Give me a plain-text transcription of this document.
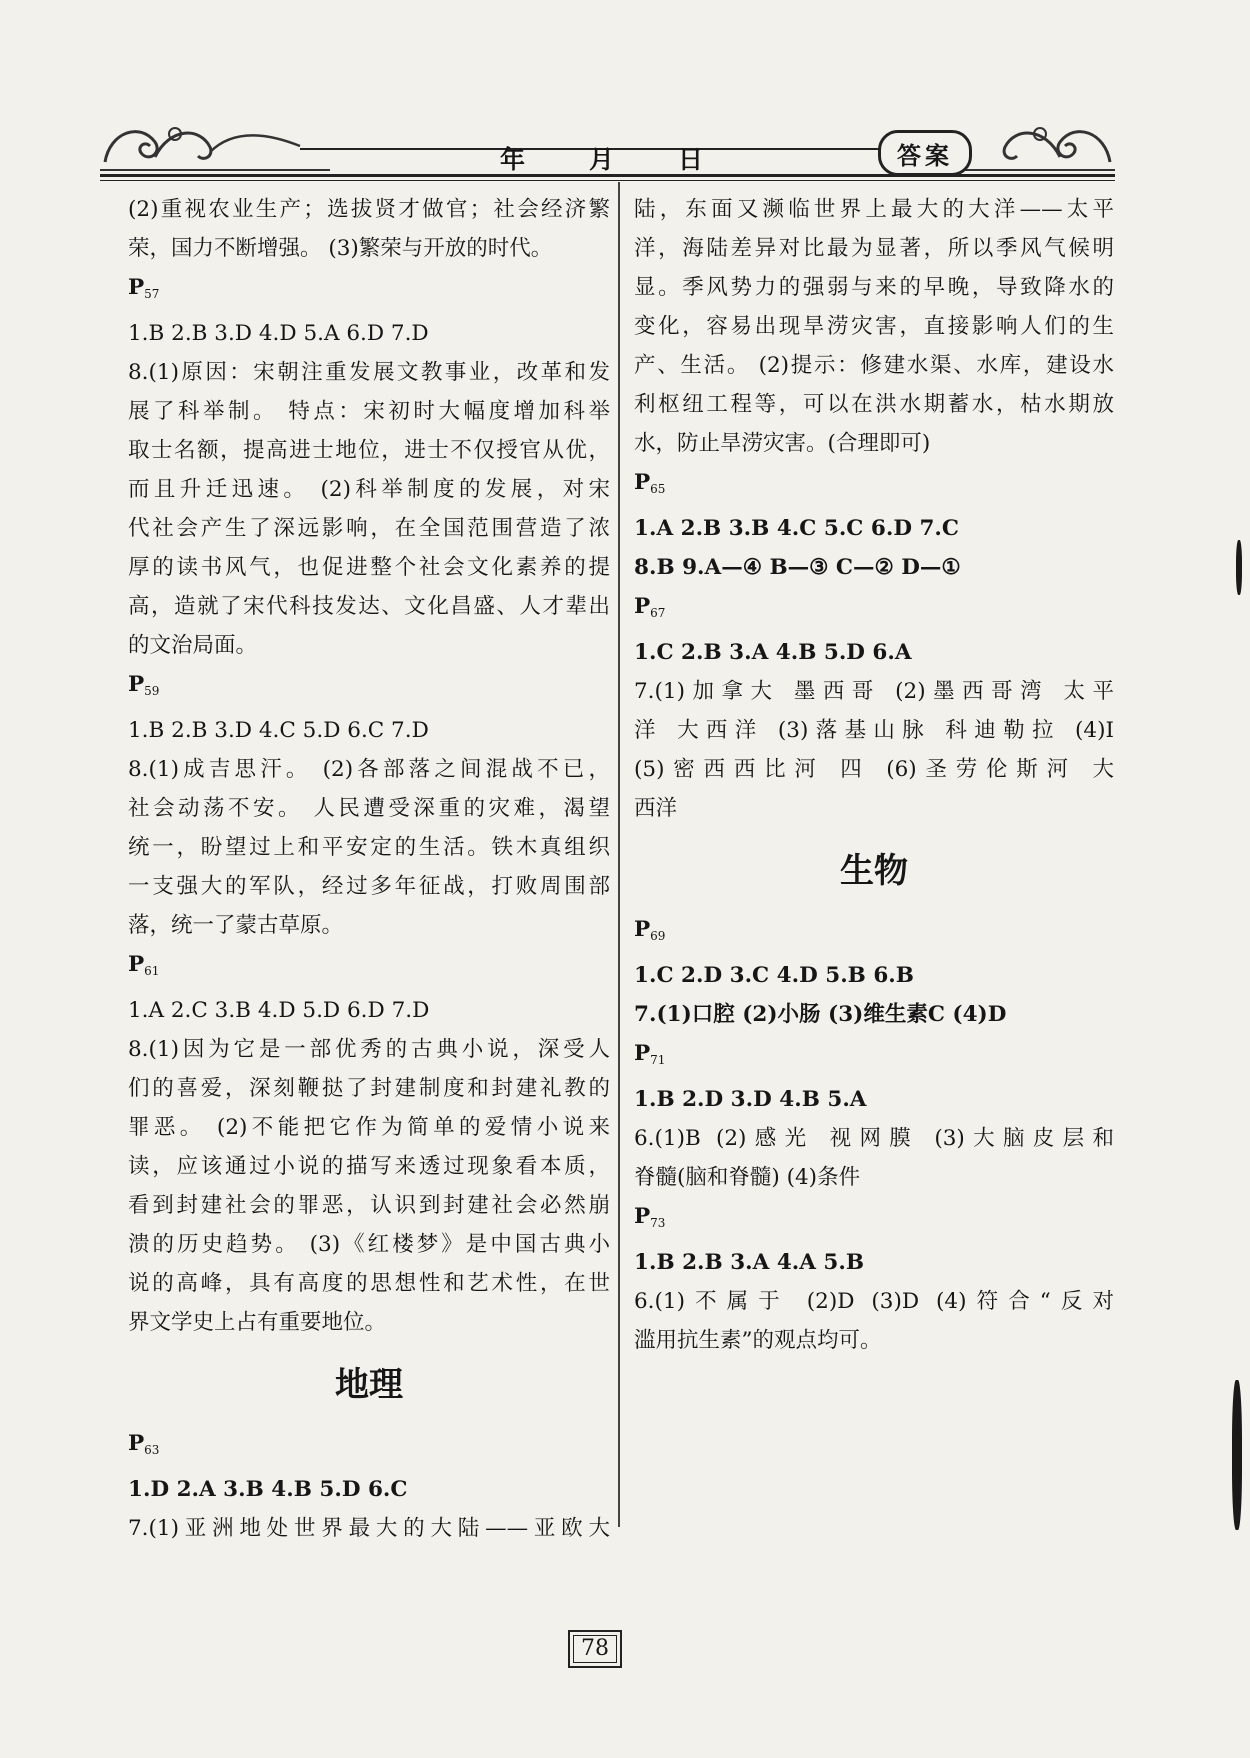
年 月 日	答案
(2)重视农业生产；选拔贤才做官；社会经济繁
荣，国力不断增强。 (3)繁荣与开放的时代。
$P_{57}$
1.B 2.B 3.D 4.D 5.A 6.D 7.D
8.(1)原因：宋朝注重发展文教事业，改革和发
展了科举制。 特点：宋初时大幅度增加科举
取士名额，提高进士地位，进士不仅授官从优，
而且升迁迅速。 (2)科举制度的发展，对宋
代社会产生了深远影响，在全国范围营造了浓
厚的读书风气，也促进整个社会文化素养的提
高，造就了宋代科技发达、文化昌盛、人才辈出
的文治局面。
$P_{59}$
1.B 2.B 3.D 4.C 5.D 6.C 7.D
8.(1)成吉思汗。 (2)各部落之间混战不已，
社会动荡不安。 人民遭受深重的灾难，渴望
统一，盼望过上和平安定的生活。铁木真组织
一支强大的军队，经过多年征战，打败周围部
落，统一了蒙古草原。
$P_{61}$
1.A 2.C 3.B 4.D 5.D 6.D 7.D
8.(1)因为它是一部优秀的古典小说，深受人
们的喜爱，深刻鞭挞了封建制度和封建礼教的
罪恶。 (2)不能把它作为简单的爱情小说来
读，应该通过小说的描写来透过现象看本质，
看到封建社会的罪恶，认识到封建社会必然崩
溃的历史趋势。 (3)《红楼梦》是中国古典小
说的高峰，具有高度的思想性和艺术性，在世
界文学史上占有重要地位。
地理
$P_{63}$
1.D 2.A 3.B 4.B 5.D 6.C
7.(1)亚洲地处世界最大的大陆——亚欧大
陆，东面又濒临世界上最大的大洋——太平
洋，海陆差异对比最为显著，所以季风气候明
显。季风势力的强弱与来的早晚，导致降水的
变化，容易出现旱涝灾害，直接影响人们的生
产、生活。 (2)提示：修建水渠、水库，建设水
利枢纽工程等，可以在洪水期蓄水，枯水期放
水，防止旱涝灾害。(合理即可)
$P_{65}$
1.A 2.B 3.B 4.C 5.C 6.D 7.C
8.B 9.A—④ B—③ C—② D—①
$P_{67}$
1.C 2.B 3.A 4.B 5.D 6.A
7.(1)加拿大 墨西哥 (2)墨西哥湾 太平
洋 大西洋 (3)落基山脉 科迪勒拉 (4)I
(5)密西西比河 四 (6)圣劳伦斯河 大
西洋
生物
$P_{69}$
1.C 2.D 3.C 4.D 5.B 6.B
7.(1)口腔 (2)小肠 (3)维生素C (4)D
$P_{71}$
1.B 2.D 3.D 4.B 5.A
6.(1)B (2)感光 视网膜 (3)大脑皮层和
脊髓(脑和脊髓) (4)条件
$P_{73}$
1.B 2.B 3.A 4.A 5.B
6.(1)不属于 (2)D (3)D (4)符合“反对
滥用抗生素”的观点均可。
78
